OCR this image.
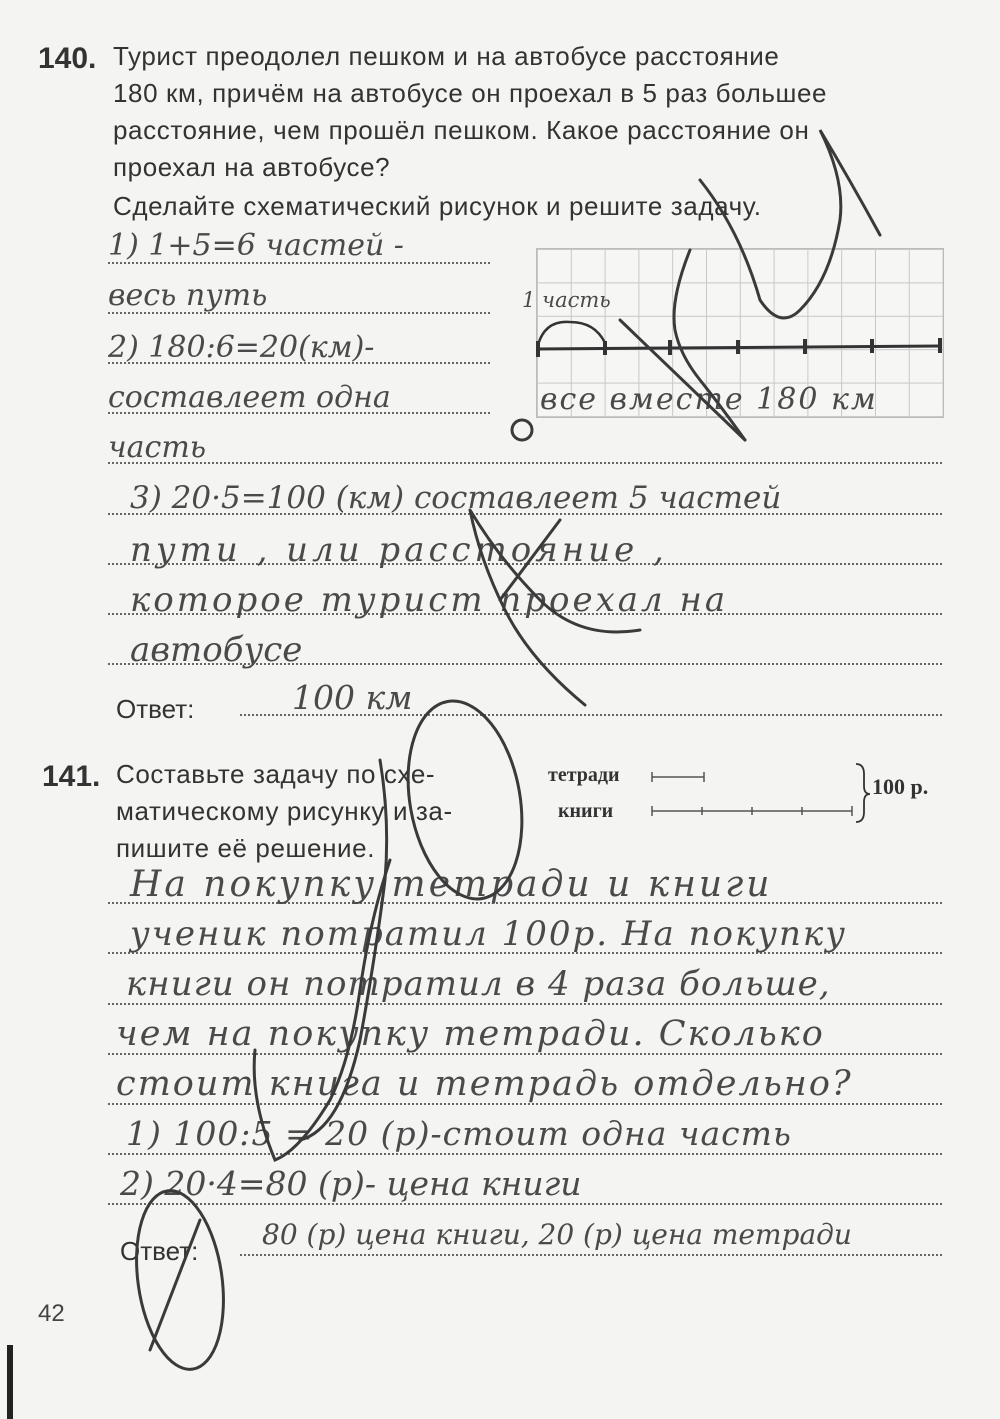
140. Турист преодолел пешком и на автобусе расстояние
180 км, причём на автобусе он проехал в 5 раз большее
расстояние, чем прошёл пешком. Какое расстояние он
проехал на автобусе?
Сделайте схематический рисунок и решите задачу.
1) 1+5=6 частей -
весь путь
2) 180:6=20(км)-
составлеет одна
часть
3) 20·5=100 (км) составлеет 5 частей
пути , или расстояние ,
которое турист проехал на
автобусе
1 часть
все вместе 180 км
Ответ:	100 км
141. Составьте задачу по схе-
матическому рисунку и за-
пишите её решение.
тетради
книги
100 р.
На покупку тетради и книги
ученик потратил 100р. На покупку
книги он потратил в 4 раза больше,
чем на покупку тетради. Сколько
стоит книга и тетрадь отдельно?
1) 100:5 = 20 (р)-стоит одна часть
2) 20·4=80 (р)- цена книги
Ответ: 80 (р) цена книги, 20 (р) цена тетради
42
